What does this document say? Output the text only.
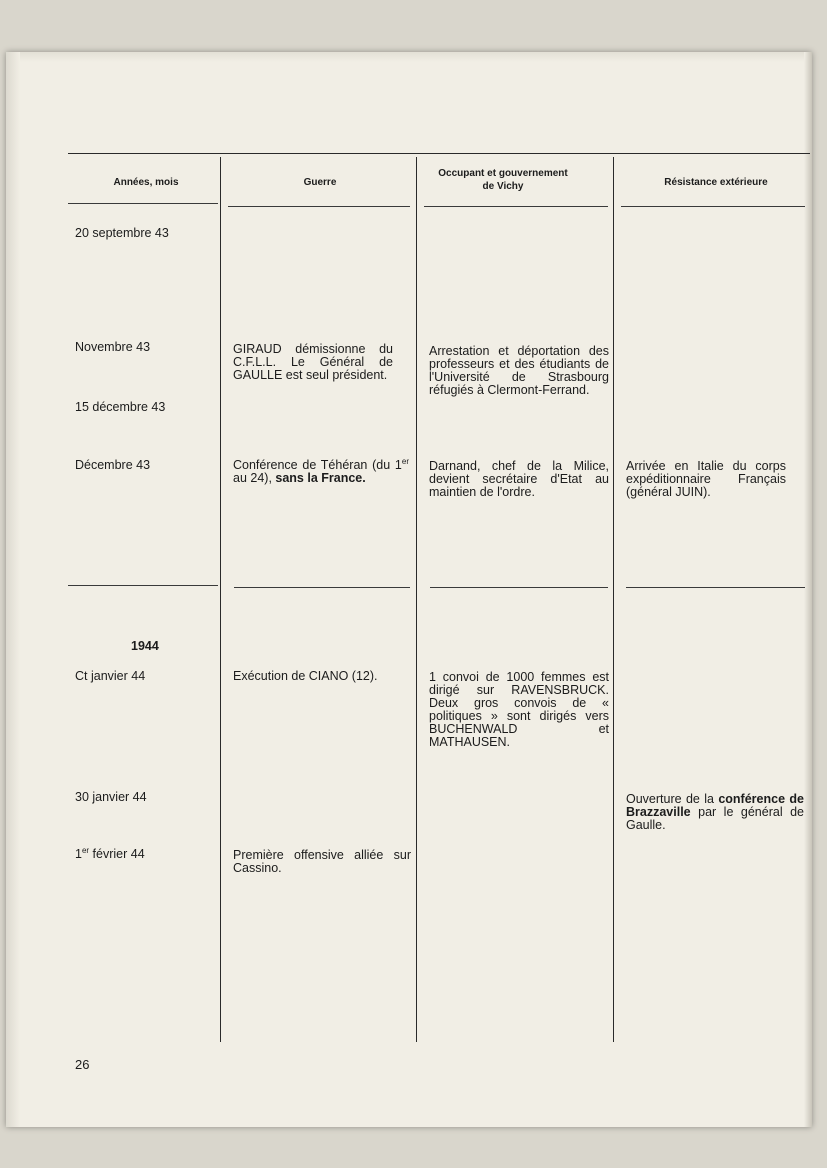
Années, mois	Guerre
Occupant et gouvernement de Vichy	Résistance extérieure
20 septembre 43
Novembre 43
15 décembre 43
Décembre 43
1944
Ct janvier 44
30 janvier 44
1er février 44
GIRAUD démissionne du C.F.L.L. Le Général de GAULLE est seul président.
Conférence de Téhéran (du 1er au 24), sans la France.
Exécution de CIANO (12).
Première offensive alliée sur Cassino.
Arrestation et déportation des professeurs et des étudiants de l'Université de Strasbourg réfugiés à Clermont-Ferrand.
Darnand, chef de la Milice, devient secrétaire d'Etat au maintien de l'ordre.
1 convoi de 1000 femmes est dirigé sur RAVENSBRUCK. Deux gros convois de « politiques » sont dirigés vers BUCHENWALD et MATHAUSEN.
Arrivée en Italie du corps expéditionnaire Français (général JUIN).
Ouverture de la conférence de Brazzaville par le général de Gaulle.
26
